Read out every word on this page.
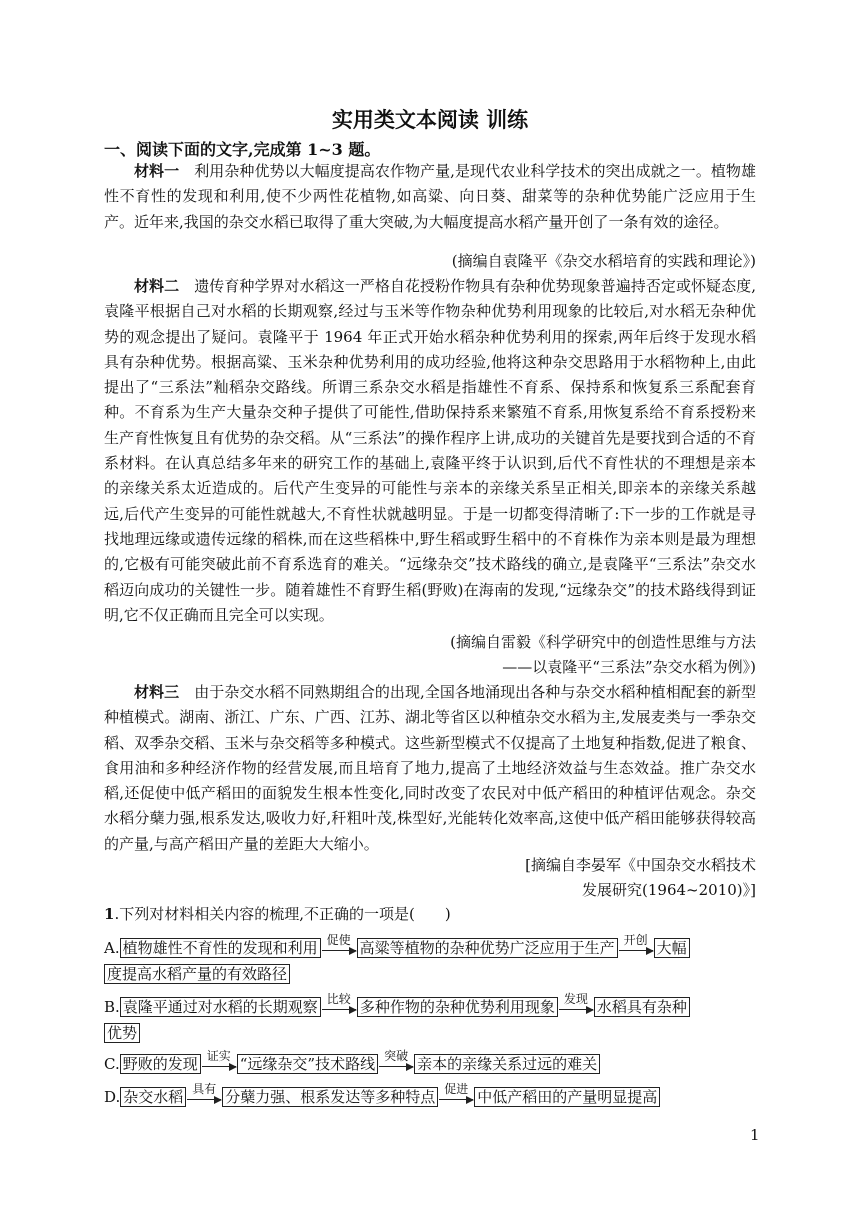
实用类文本阅读 训练
一、阅读下面的文字,完成第 1~3 题。
材料一　利用杂种优势以大幅度提高农作物产量,是现代农业科学技术的突出成就之一。植物雄性不育性的发现和利用,使不少两性花植物,如高粱、向日葵、甜菜等的杂种优势能广泛应用于生产。近年来,我国的杂交水稻已取得了重大突破,为大幅度提高水稻产量开创了一条有效的途径。
(摘编自袁隆平《杂交水稻培育的实践和理论》)
材料二　遗传育种学界对水稻这一严格自花授粉作物具有杂种优势现象普遍持否定或怀疑态度,袁隆平根据自己对水稻的长期观察,经过与玉米等作物杂种优势利用现象的比较后,对水稻无杂种优势的观念提出了疑问。袁隆平于 1964 年正式开始水稻杂种优势利用的探索,两年后终于发现水稻具有杂种优势。根据高粱、玉米杂种优势利用的成功经验,他将这种杂交思路用于水稻物种上,由此提出了“三系法”籼稻杂交路线。所谓三系杂交水稻是指雄性不育系、保持系和恢复系三系配套育种。不育系为生产大量杂交种子提供了可能性,借助保持系来繁殖不育系,用恢复系给不育系授粉来生产育性恢复且有优势的杂交稻。从“三系法”的操作程序上讲,成功的关键首先是要找到合适的不育系材料。在认真总结多年来的研究工作的基础上,袁隆平终于认识到,后代不育性状的不理想是亲本的亲缘关系太近造成的。后代产生变异的可能性与亲本的亲缘关系呈正相关,即亲本的亲缘关系越远,后代产生变异的可能性就越大,不育性状就越明显。于是一切都变得清晰了:下一步的工作就是寻找地理远缘或遗传远缘的稻株,而在这些稻株中,野生稻或野生稻中的不育株作为亲本则是最为理想的,它极有可能突破此前不育系选育的难关。“远缘杂交”技术路线的确立,是袁隆平“三系法”杂交水稻迈向成功的关键性一步。随着雄性不育野生稻(野败)在海南的发现,“远缘杂交”的技术路线得到证明,它不仅正确而且完全可以实现。
(摘编自雷毅《科学研究中的创造性思维与方法
——以袁隆平“三系法”杂交水稻为例》)
材料三　由于杂交水稻不同熟期组合的出现,全国各地涌现出各种与杂交水稻种植相配套的新型种植模式。湖南、浙江、广东、广西、江苏、湖北等省区以种植杂交水稻为主,发展麦类与一季杂交稻、双季杂交稻、玉米与杂交稻等多种模式。这些新型模式不仅提高了土地复种指数,促进了粮食、食用油和多种经济作物的经营发展,而且培育了地力,提高了土地经济效益与生态效益。推广杂交水稻,还促使中低产稻田的面貌发生根本性变化,同时改变了农民对中低产稻田的种植评估观念。杂交水稻分蘖力强,根系发达,吸收力好,秆粗叶茂,株型好,光能转化效率高,这使中低产稻田能够获得较高的产量,与高产稻田产量的差距大大缩小。
[摘编自李晏军《中国杂交水稻技术
发展研究(1964~2010)》]
1.下列对材料相关内容的梳理,不正确的一项是(　　)
A. 植物雄性不育性的发现和利用 促使 高粱等植物的杂种优势广泛应用于生产 开创 大幅
度提高水稻产量的有效路径
B. 袁隆平通过对水稻的长期观察 比较 多种作物的杂种优势利用现象 发现 水稻具有杂种
优势
C. 野败的发现 证实 “远缘杂交”技术路线 突破 亲本的亲缘关系过远的难关
D. 杂交水稻 具有 分蘖力强、根系发达等多种特点 促进 中低产稻田的产量明显提高
1
